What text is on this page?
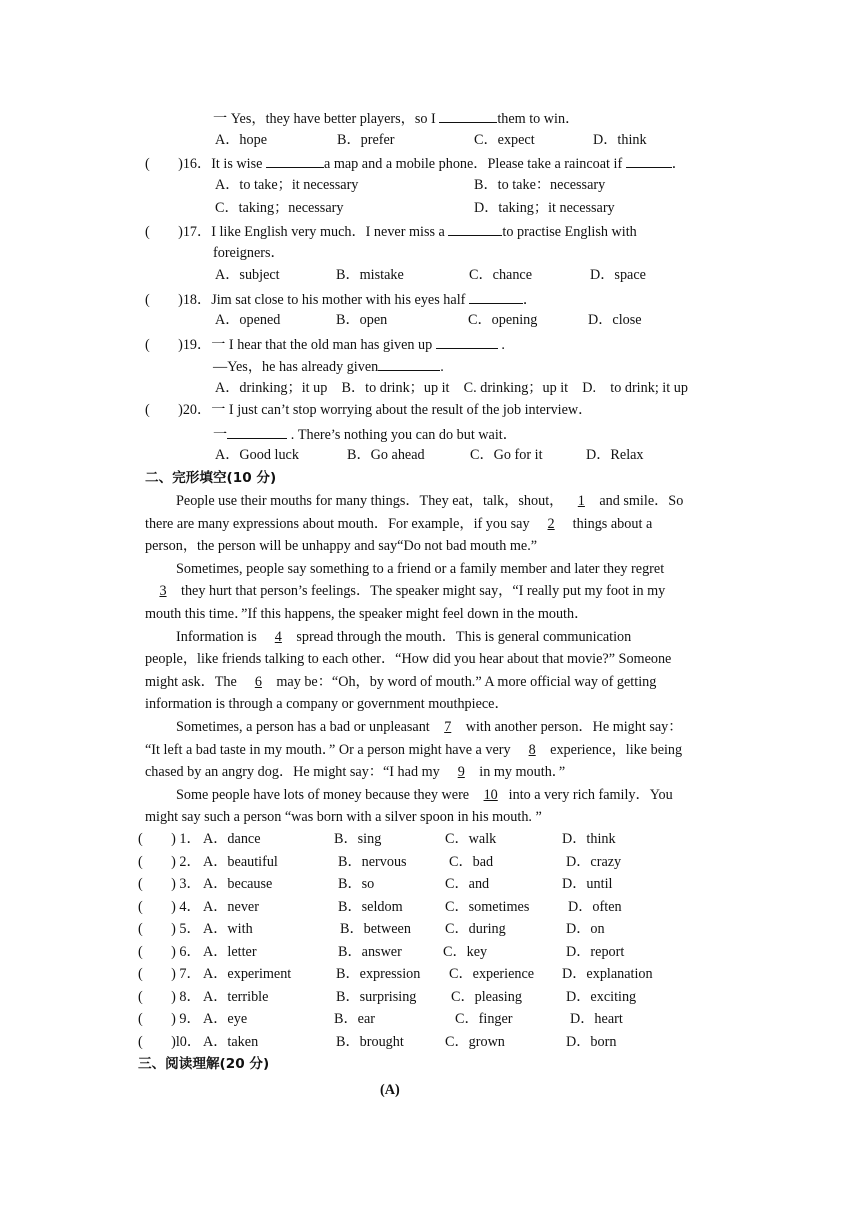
一 Yes，they have better players，so I	them to win．
A．hope	B．prefer	C．expect	D．think
(        )16．It is wise	a map and a mobile phone．Please take a raincoat if	．
A．to take；it necessary	B．to take：necessary
C．taking；necessary	D．taking；it necessary
(        )17．I like English very much．I never miss a	to practise English with
foreigners．
A．subject	B．mistake	C．chance	D．space
(        )18．Jim sat close to his mother with his eyes half	．
A．opened	B．open	C．opening	D．close
(        )19．一 I hear that the old man has given up	.
—Yes，he has already given	.
A．drinking；it up    B．to drink；up it    C. drinking；up it    D.    to drink; it up
(        )20．一 I just can’t stop worrying about the result of the job interview．
一	. There’s nothing you can do but wait．
A．Good luck	B．Go ahead	C．Go for it	D．Relax
二、完形填空(10 分)
People use their mouths for many things．They eat，talk，shout， 1 and smile．So
there are many expressions about mouth．For example，if you say 2 things about a
person，the person will be unhappy and say“Do not bad mouth me.”
Sometimes, people say something to a friend or a family member and later they regret
3 they hurt that person’s feelings．The speaker might say，“I really put my foot in my
mouth this time．”If this happens, the speaker might feel down in the mouth．
Information is 4 spread through the mouth．This is general communication
people，like friends talking to each other．“How did you hear about that movie?” Someone
might ask．The 6 may be：“Oh，by word of mouth.” A more official way of getting
information is through a company or government mouthpiece．
Sometimes, a person has a bad or unpleasant 7 with another person．He might say：
“It left a bad taste in my mouth．” Or a person might have a very 8 experience，like being
chased by an angry dog．He might say：“I had my 9 in my mouth．”
Some people have lots of money because they were 10 into a very rich family．You
might say such a person “was born with a silver spoon in his mouth. ”
(        ) 1． A．dance	B．sing	C．walk	D．think
(        ) 2． A．beautiful	B．nervous	C．bad	D．crazy
(        ) 3． A．because	B．so	C．and	D．until
(        ) 4． A．never	B．seldom	C．sometimes	D．often
(        ) 5． A．with	B．between C．during	D．on
(        ) 6． A．letter	B．answer	C．key	D．report
(        ) 7． A．experiment	B．expression C．experience D．explanation
(        ) 8． A．terrible	B．surprising C．pleasing	D．exciting
(        ) 9． A．eye	B．ear	C．finger	D．heart
(        )l0． A．taken	B．brought	C．grown	D．born
三、阅读理解(20 分)
(A)
